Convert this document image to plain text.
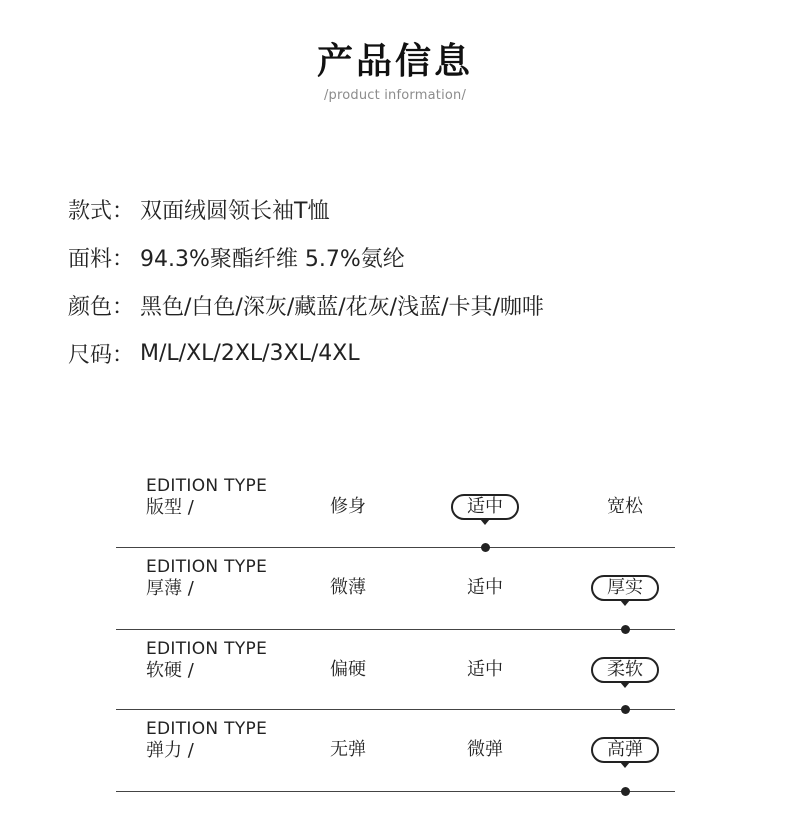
产品信息
/product information/
款式： 双面绒圆领长袖T恤
面料： 94.3%聚酯纤维 5.7%氨纶
颜色： 黑色/白色/深灰/藏蓝/花灰/浅蓝/卡其/咖啡
尺码： M/L/XL/2XL/3XL/4XL
EDITION TYPE
版型 /	修身	适中	宽松
EDITION TYPE
厚薄 /	微薄	适中	厚实
EDITION TYPE
软硬 /	偏硬	适中	柔软
EDITION TYPE
弹力 /	无弹	微弹	高弹
